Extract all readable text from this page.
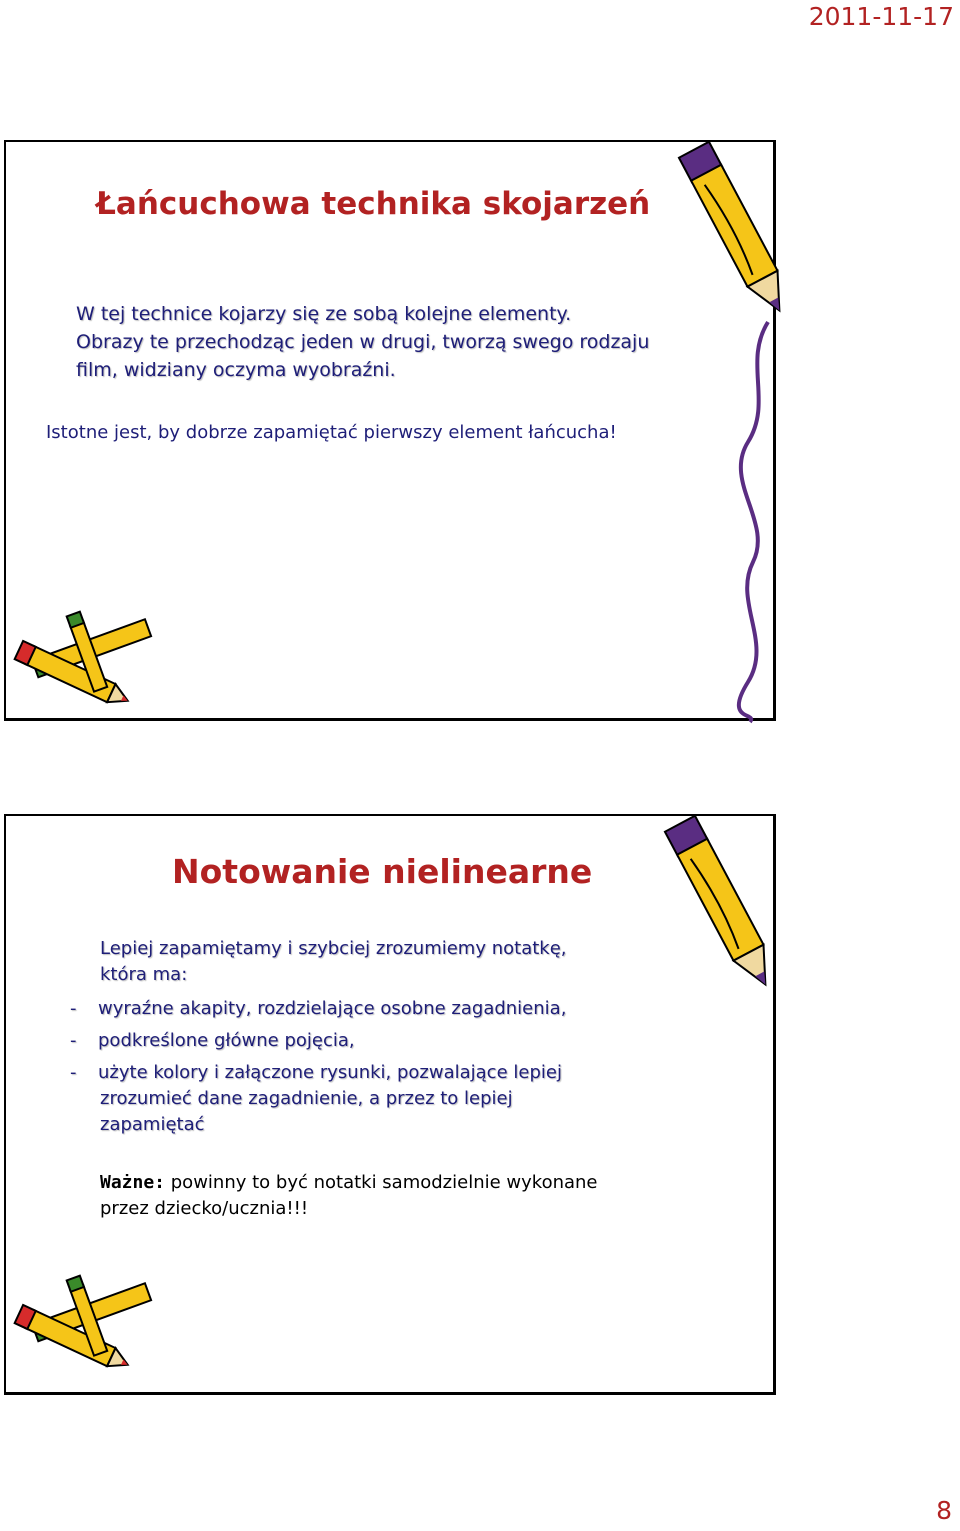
2011-11-17
Łańcuchowa technika skojarzeń
W tej technice kojarzy się ze sobą kolejne elementy.
Obrazy te przechodząc jeden w drugi, tworzą swego rodzaju
film, widziany oczyma wyobraźni.
Istotne jest, by dobrze zapamiętać pierwszy element łańcucha!
Notowanie nielinearne
Lepiej zapamiętamy i szybciej zrozumiemy notatkę,
która ma:
- wyraźne akapity, rozdzielające osobne zagadnienia,
- podkreślone główne pojęcia,
- użyte kolory i załączone rysunki, pozwalające lepiej
zrozumieć dane zagadnienie, a przez to lepiej
zapamiętać
Ważne: powinny to być notatki samodzielnie wykonane
przez dziecko/ucznia!!!
8
